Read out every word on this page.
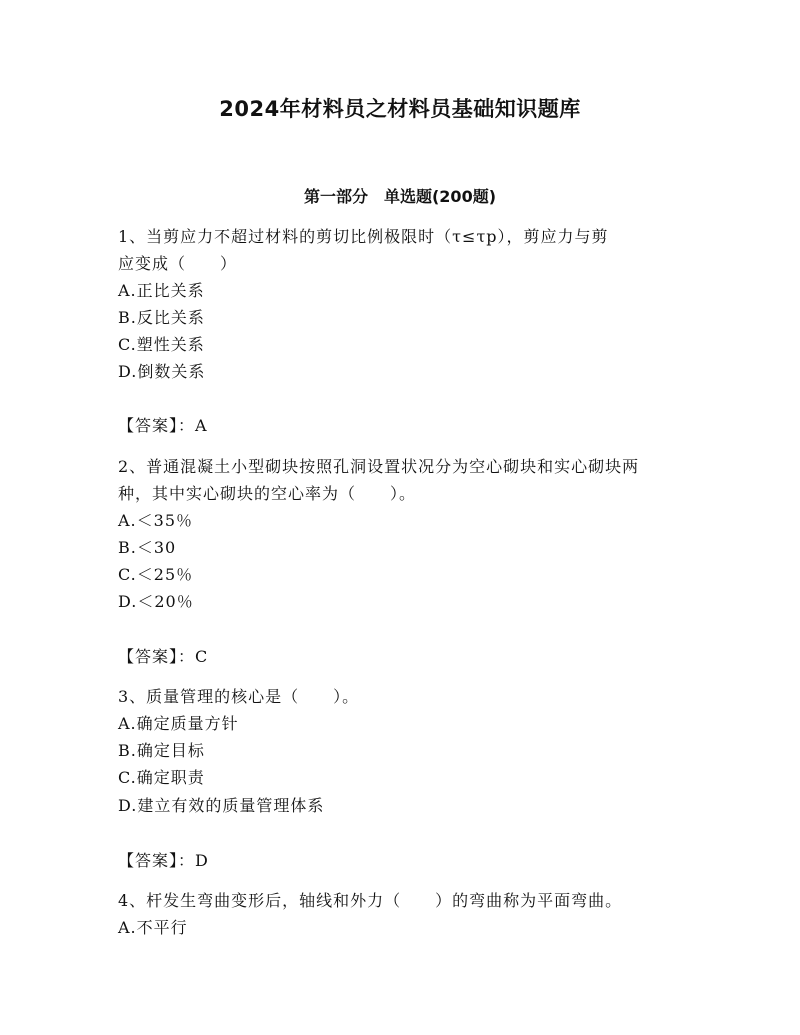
2024年材料员之材料员基础知识题库
第一部分　单选题(200题)
1、当剪应力不超过材料的剪切比例极限时（τ≤τp），剪应力与剪
应变成（　　）
A.正比关系
B.反比关系
C.塑性关系
D.倒数关系
【答案】：A
2、普通混凝土小型砌块按照孔洞设置状况分为空心砌块和实心砌块两
种，其中实心砌块的空心率为（　　）。
A.＜35％
B.＜30
C.＜25％
D.＜20％
【答案】：C
3、质量管理的核心是（　　）。
A.确定质量方针
B.确定目标
C.确定职责
D.建立有效的质量管理体系
【答案】：D
4、杆发生弯曲变形后，轴线和外力（　　）的弯曲称为平面弯曲。
A.不平行
